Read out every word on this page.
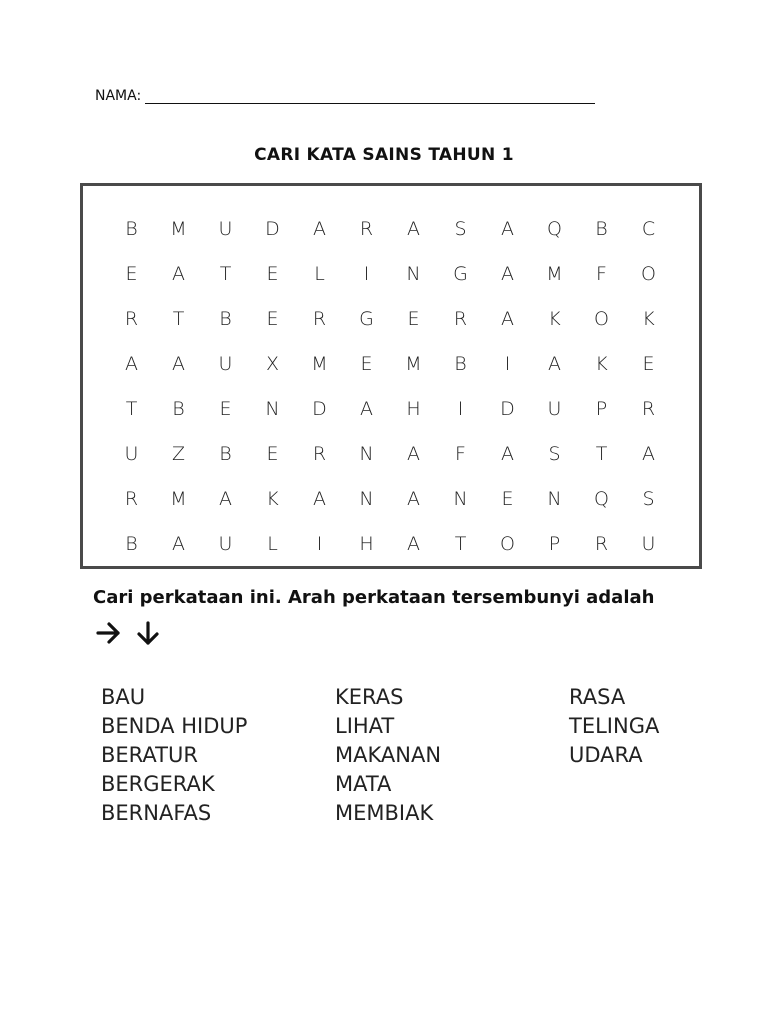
NAMA:
CARI KATA SAINS TAHUN 1
B	M	U	D	A	R	A	S	A	Q	B	C
E	A	T	E	L	I	N	G	A	M	F	O
R	T	B	E	R	G	E	R	A	K	O	K
A	A	U	X	M	E	M	B	I	A	K	E
T	B	E	N	D	A	H	I	D	U	P	R
U	Z	B	E	R	N	A	F	A	S	T	A
R	M	A	K	A	N	A	N	E	N	Q	S
B	A	U	L	I	H	A	T	O	P	R	U
Cari perkataan ini. Arah perkataan tersembunyi adalah
BAU
BENDA HIDUP
BERATUR
BERGERAK
BERNAFAS
KERAS
LIHAT
MAKANAN
MATA
MEMBIAK
RASA
TELINGA
UDARA
